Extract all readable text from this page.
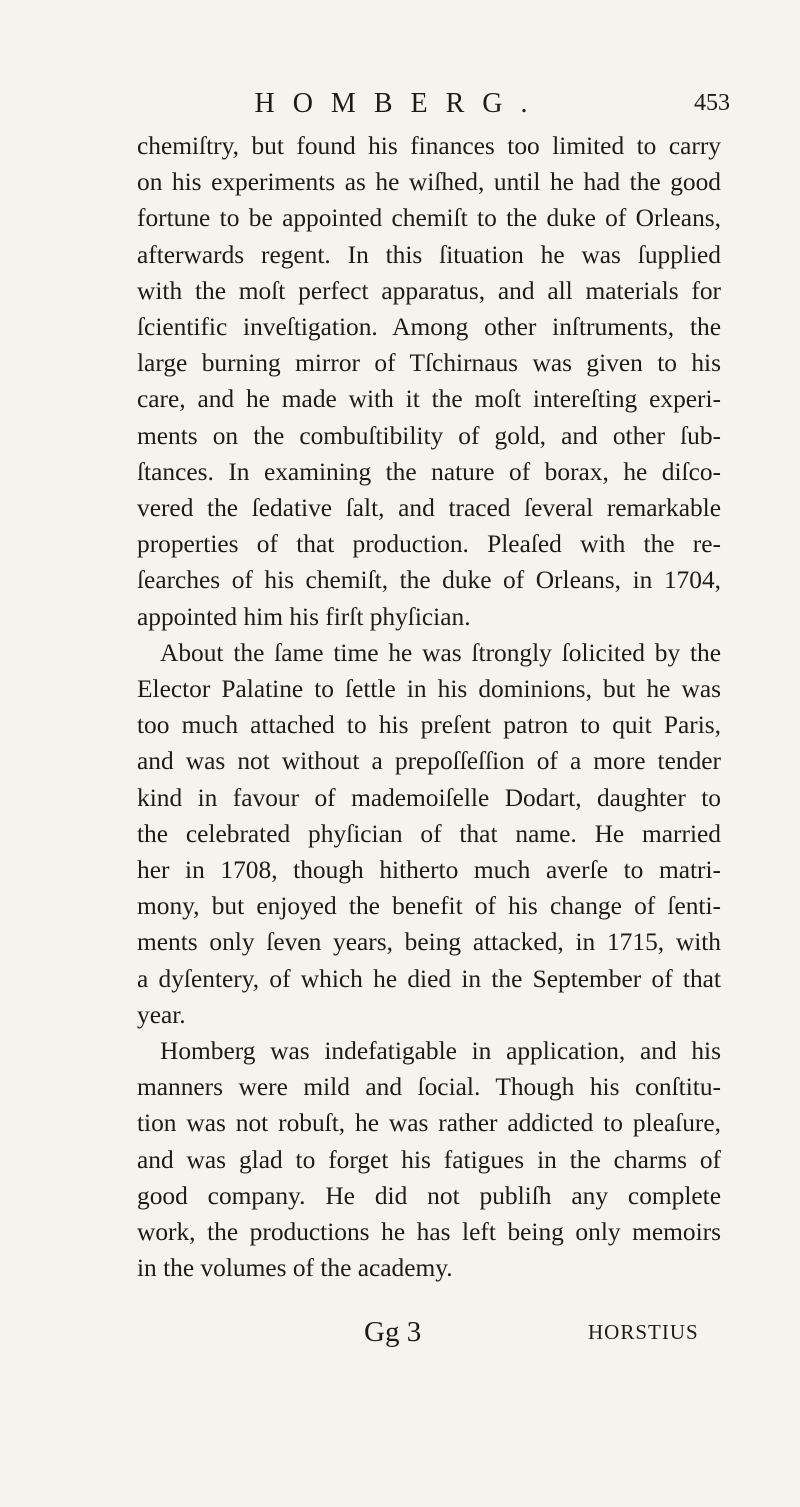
HOMBERG.	453
chemiſtry, but found his finances too limited to carry
on his experiments as he wiſhed, until he had the good
fortune to be appointed chemiſt to the duke of Orleans,
afterwards regent. In this ſituation he was ſupplied
with the moſt perfect apparatus, and all materials for
ſcientific inveſtigation. Among other inſtruments, the
large burning mirror of Tſchirnaus was given to his
care, and he made with it the moſt intereſting experi-
ments on the combuſtibility of gold, and other ſub-
ſtances. In examining the nature of borax, he diſco-
vered the ſedative ſalt, and traced ſeveral remarkable
properties of that production. Pleaſed with the re-
ſearches of his chemiſt, the duke of Orleans, in 1704,
appointed him his firſt phyſician.
About the ſame time he was ſtrongly ſolicited by the
Elector Palatine to ſettle in his dominions, but he was
too much attached to his preſent patron to quit Paris,
and was not without a prepoſſeſſion of a more tender
kind in favour of mademoiſelle Dodart, daughter to
the celebrated phyſician of that name. He married
her in 1708, though hitherto much averſe to matri-
mony, but enjoyed the benefit of his change of ſenti-
ments only ſeven years, being attacked, in 1715, with
a dyſentery, of which he died in the September of that
year.
Homberg was indefatigable in application, and his
manners were mild and ſocial. Though his conſtitu-
tion was not robuſt, he was rather addicted to pleaſure,
and was glad to forget his fatigues in the charms of
good company. He did not publiſh any complete
work, the productions he has left being only memoirs
in the volumes of the academy.
Gg 3	HORSTIUS
